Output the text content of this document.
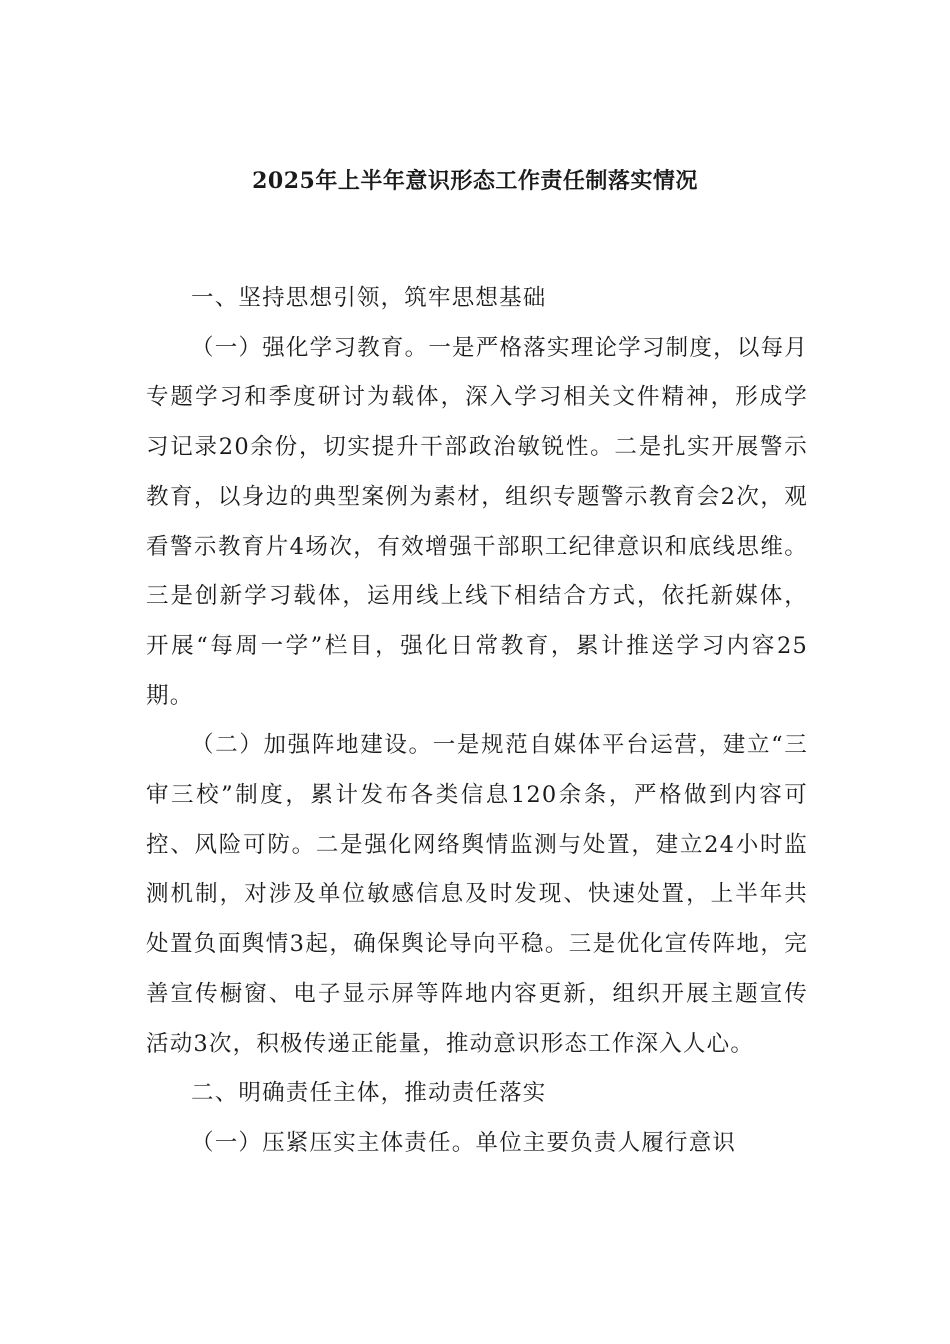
2025年上半年意识形态工作责任制落实情况

一、坚持思想引领，筑牢思想基础

（一）强化学习教育。一是严格落实理论学习制度，以每月专题学习和季度研讨为载体，深入学习相关文件精神，形成学习记录20余份，切实提升干部政治敏锐性。二是扎实开展警示教育，以身边的典型案例为素材，组织专题警示教育会2次，观看警示教育片4场次，有效增强干部职工纪律意识和底线思维。三是创新学习载体，运用线上线下相结合方式，依托新媒体，开展“每周一学”栏目，强化日常教育，累计推送学习内容25期。

（二）加强阵地建设。一是规范自媒体平台运营，建立“三审三校”制度，累计发布各类信息120余条，严格做到内容可控、风险可防。二是强化网络舆情监测与处置，建立24小时监测机制，对涉及单位敏感信息及时发现、快速处置，上半年共处置负面舆情3起，确保舆论导向平稳。三是优化宣传阵地，完善宣传橱窗、电子显示屏等阵地内容更新，组织开展主题宣传活动3次，积极传递正能量，推动意识形态工作深入人心。

二、明确责任主体，推动责任落实

（一）压紧压实主体责任。单位主要负责人履行意识
